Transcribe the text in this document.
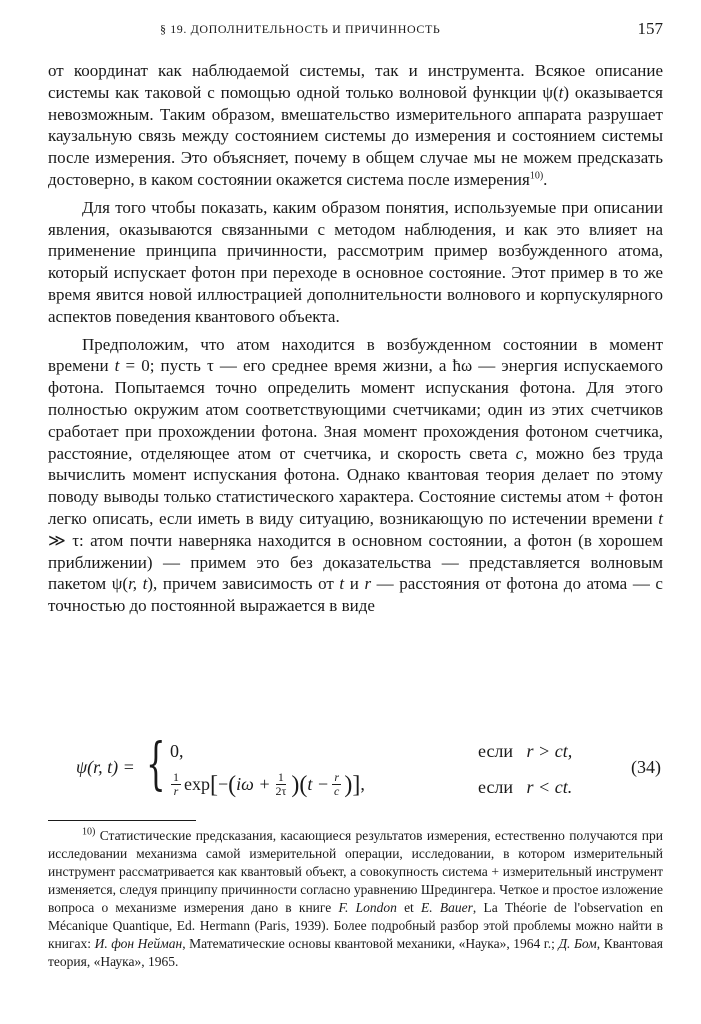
§ 19. ДОПОЛНИТЕЛЬНОСТЬ И ПРИЧИННОСТЬ	157

от координат как наблюдаемой системы, так и инструмента. Всякое описание системы как таковой с помощью одной только волновой функции ψ(t) оказывается невозможным. Таким образом, вмешательство измерительного аппарата разрушает каузальную связь между состоянием системы до измерения и состоянием системы после измерения. Это объясняет, почему в общем случае мы не можем предсказать достоверно, в каком состоянии окажется система после измерения$^{10)}$.

Для того чтобы показать, каким образом понятия, используемые при описании явления, оказываются связанными с методом наблюдения, и как это влияет на применение принципа причинности, рассмотрим пример возбужденного атома, который испускает фотон при переходе в основное состояние. Этот пример в то же время явится новой иллюстрацией дополнительности волнового и корпускулярного аспектов поведения квантового объекта.

Предположим, что атом находится в возбужденном состоянии в момент времени t = 0; пусть τ — его среднее время жизни, а ħω — энергия испускаемого фотона. Попытаемся точно определить момент испускания фотона. Для этого полностью окружим атом соответствующими счетчиками; один из этих счетчиков сработает при прохождении фотона. Зная момент прохождения фотоном счетчика, расстояние, отделяющее атом от счетчика, и скорость света c, можно без труда вычислить момент испускания фотона. Однако квантовая теория делает по этому поводу выводы только статистического характера. Состояние системы атом + фотон легко описать, если иметь в виду ситуацию, возникающую по истечении времени t ≫ τ: атом почти наверняка находится в основном состоянии, а фотон (в хорошем приближении) — примем это без доказательства — представляется волновым пакетом ψ(r, t), причем зависимость от t и r — расстояния от фотона до атома — с точностью до постоянной выражается в виде

ψ(r, t) = { 0,
$\frac{1}{r}$ exp [ − ( $i\omega + \frac{1}{2\tau}$ ) ( $t - \frac{r}{c}$ ) ] ,
если r > ct,
если r < ct.
(34)

$^{10)}$ Статистические предсказания, касающиеся результатов измерения, естественно получаются при исследовании механизма самой измерительной операции, исследовании, в котором измерительный инструмент рассматривается как квантовый объект, а совокупность система + измерительный инструмент изменяется, следуя принципу причинности согласно уравнению Шредингера. Четкое и простое изложение вопроса о механизме измерения дано в книге F. London et E. Bauer, La Théorie de l'observation en Mécanique Quantique, Ed. Hermann (Paris, 1939). Более подробный разбор этой проблемы можно найти в книгах: И. фон Нейман, Математические основы квантовой механики, «Наука», 1964 г.; Д. Бом, Квантовая теория, «Наука», 1965.
